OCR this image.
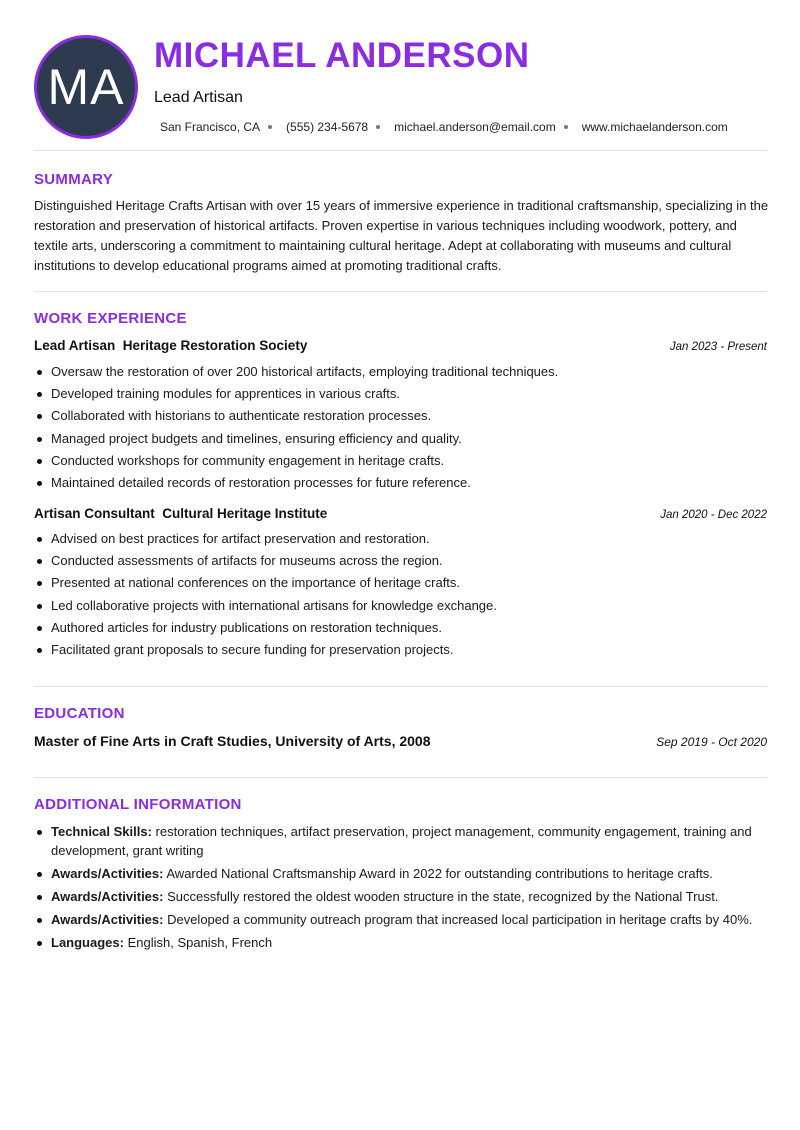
MA
MICHAEL ANDERSON
Lead Artisan
San Francisco, CA (555) 234-5678 michael.anderson@email.com www.michaelanderson.com
SUMMARY

Distinguished Heritage Crafts Artisan with over 15 years of immersive experience in traditional craftsmanship, specializing in the restoration and preservation of historical artifacts. Proven expertise in various techniques including woodwork, pottery, and textile arts, underscoring a commitment to maintaining cultural heritage. Adept at collaborating with museums and cultural institutions to develop educational programs aimed at promoting traditional crafts.

WORK EXPERIENCE
Lead Artisan  Heritage Restoration Society	Jan 2023 - Present
Oversaw the restoration of over 200 historical artifacts, employing traditional techniques.
Developed training modules for apprentices in various crafts.
Collaborated with historians to authenticate restoration processes.
Managed project budgets and timelines, ensuring efficiency and quality.
Conducted workshops for community engagement in heritage crafts.
Maintained detailed records of restoration processes for future reference.
Artisan Consultant  Cultural Heritage Institute	Jan 2020 - Dec 2022
Advised on best practices for artifact preservation and restoration.
Conducted assessments of artifacts for museums across the region.
Presented at national conferences on the importance of heritage crafts.
Led collaborative projects with international artisans for knowledge exchange.
Authored articles for industry publications on restoration techniques.
Facilitated grant proposals to secure funding for preservation projects.
EDUCATION
Master of Fine Arts in Craft Studies, University of Arts, 2008	Sep 2019 - Oct 2020
ADDITIONAL INFORMATION
Technical Skills: restoration techniques, artifact preservation, project management, community engagement, training and development, grant writing
Awards/Activities: Awarded National Craftsmanship Award in 2022 for outstanding contributions to heritage crafts.
Awards/Activities: Successfully restored the oldest wooden structure in the state, recognized by the National Trust.
Awards/Activities: Developed a community outreach program that increased local participation in heritage crafts by 40%.
Languages: English, Spanish, French
